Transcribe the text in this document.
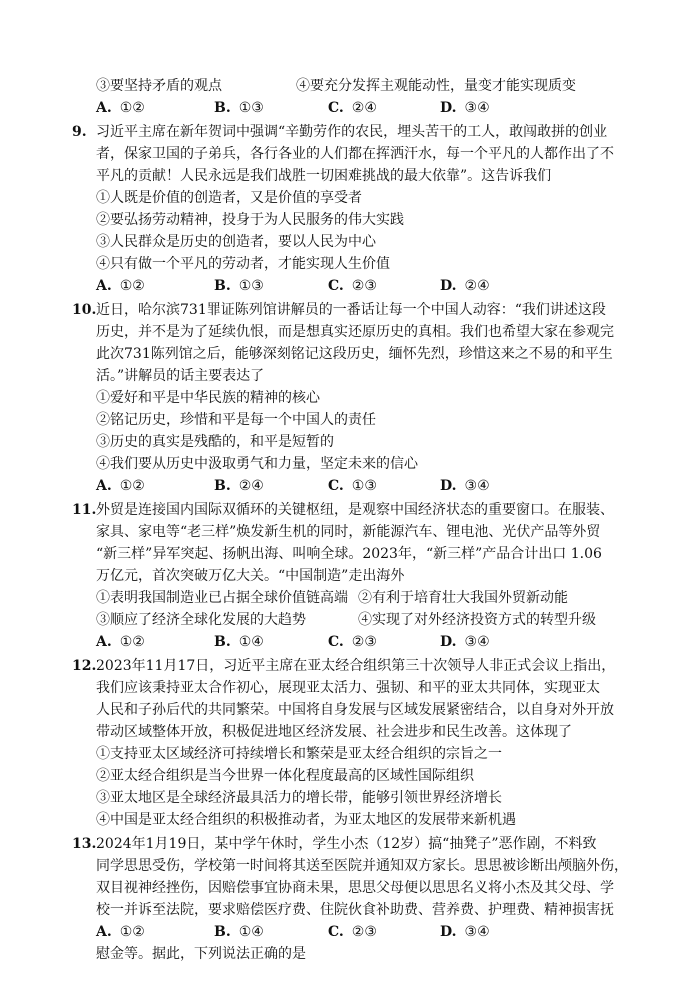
③要坚持矛盾的观点	④要充分发挥主观能动性，量变才能实现质变
A. ①②	B. ①③	C. ②④	D. ③④
9. 习近平主席在新年贺词中强调“辛勤劳作的农民，埋头苦干的工人，敢闯敢拼的创业
者，保家卫国的子弟兵，各行各业的人们都在挥洒汗水，每一个平凡的人都作出了不
平凡的贡献！人民永远是我们战胜一切困难挑战的最大依靠”。这告诉我们
①人既是价值的创造者，又是价值的享受者
②要弘扬劳动精神，投身于为人民服务的伟大实践
③人民群众是历史的创造者，要以人民为中心
④只有做一个平凡的劳动者，才能实现人生价值
A. ①②	B. ①③	C. ②③	D. ②④
10. 近日，哈尔滨731罪证陈列馆讲解员的一番话让每一个中国人动容：“我们讲述这段
历史，并不是为了延续仇恨，而是想真实还原历史的真相。我们也希望大家在参观完
此次731陈列馆之后，能够深刻铭记这段历史，缅怀先烈，珍惜这来之不易的和平生
活。”讲解员的话主要表达了
①爱好和平是中华民族的精神的核心
②铭记历史，珍惜和平是每一个中国人的责任
③历史的真实是残酷的，和平是短暂的
④我们要从历史中汲取勇气和力量，坚定未来的信心
A. ①②	B. ②④	C. ①③	D. ③④
11. 外贸是连接国内国际双循环的关键枢纽，是观察中国经济状态的重要窗口。在服装、
家具、家电等“老三样”焕发新生机的同时，新能源汽车、锂电池、光伏产品等外贸
“新三样”异军突起、扬帆出海、叫响全球。2023年，“新三样”产品合计出口 1.06
万亿元，首次突破万亿大关。“中国制造”走出海外
①表明我国制造业已占据全球价值链高端 ②有利于培育壮大我国外贸新动能
③顺应了经济全球化发展的大趋势	④实现了对外经济投资方式的转型升级
A. ①②	B. ①④	C. ②③	D. ③④
12. 2023年11月17日，习近平主席在亚太经合组织第三十次领导人非正式会议上指出，
我们应该秉持亚太合作初心，展现亚太活力、强韧、和平的亚太共同体，实现亚太
人民和子孙后代的共同繁荣。中国将自身发展与区域发展紧密结合，以自身对外开放
带动区域整体开放，积极促进地区经济发展、社会进步和民生改善。这体现了
①支持亚太区域经济可持续增长和繁荣是亚太经合组织的宗旨之一
②亚太经合组织是当今世界一体化程度最高的区域性国际组织
③亚太地区是全球经济最具活力的增长带，能够引领世界经济增长
④中国是亚太经合组织的积极推动者，为亚太地区的发展带来新机遇
A. ①②	B. ①④	C. ②③	D. ③④
13. 2024年1月19日，某中学午休时，学生小杰（12岁）搞“抽凳子”恶作剧，不料致
同学思思受伤，学校第一时间将其送至医院并通知双方家长。思思被诊断出颅脑外伤，
双目视神经挫伤，因赔偿事宜协商未果，思思父母便以思思名义将小杰及其父母、学
校一并诉至法院，要求赔偿医疗费、住院伙食补助费、营养费、护理费、精神损害抚
慰金等。据此，下列说法正确的是
